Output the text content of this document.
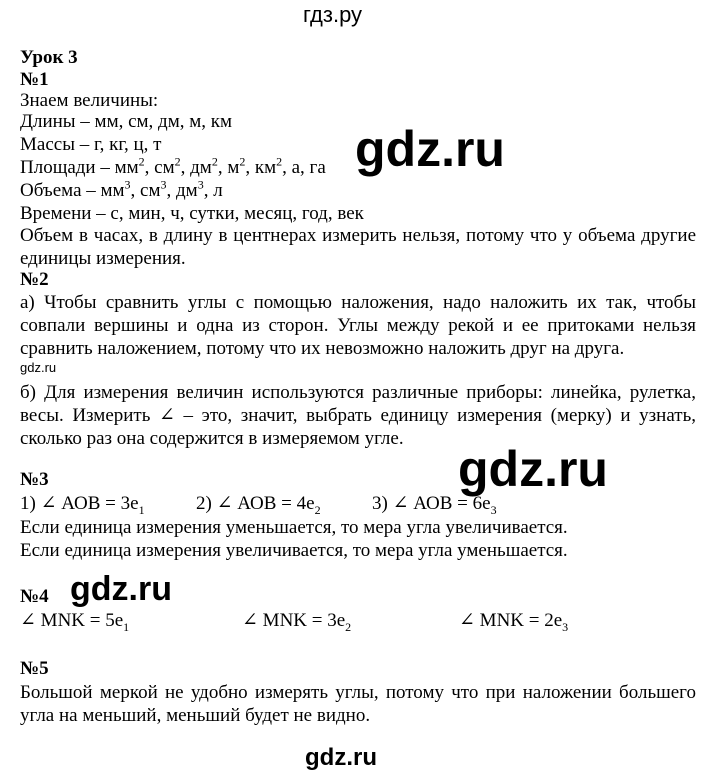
гдз.ру
Урок 3
№1
Знаем величины:
Длины – мм, см, дм, м, км
Массы – г, кг, ц, т
Площади – $мм^2$, $см^2$, $дм^2$, $м^2$, $км^2$, а, га
Объема – $мм^3$, $см^3$, $дм^3$, л
Времени – с, мин, ч, сутки, месяц, год, век
Объем в часах, в длину в центнерах измерить нельзя, потому что у объема другие единицы измерения.
gdz.ru
№2
а) Чтобы сравнить углы с помощью наложения, надо наложить их так, чтобы совпали вершины и одна из сторон. Углы между рекой и ее притоками нельзя сравнить наложением, потому что их невозможно наложить друг на друга.
gdz.ru
б) Для измерения величин используются различные приборы: линейка, рулетка, весы. Измерить ∠ – это, значит, выбрать единицу измерения (мерку) и узнать, сколько раз она содержится в измеряемом угле.
gdz.ru
№3
1) ∠ АОВ = $3e_1$	2) ∠ АОВ = $4e_2$	3) ∠ АОВ = $6e_3$
Если единица измерения уменьшается, то мера угла увеличивается.
Если единица измерения увеличивается, то мера угла уменьшается.
gdz.ru
№4
∠ MNK = $5e_1$	∠ MNK = $3e_2$	∠ MNK = $2e_3$
№5
Большой меркой не удобно измерять углы, потому что при наложении большего угла на меньший, меньший будет не видно.
gdz.ru
